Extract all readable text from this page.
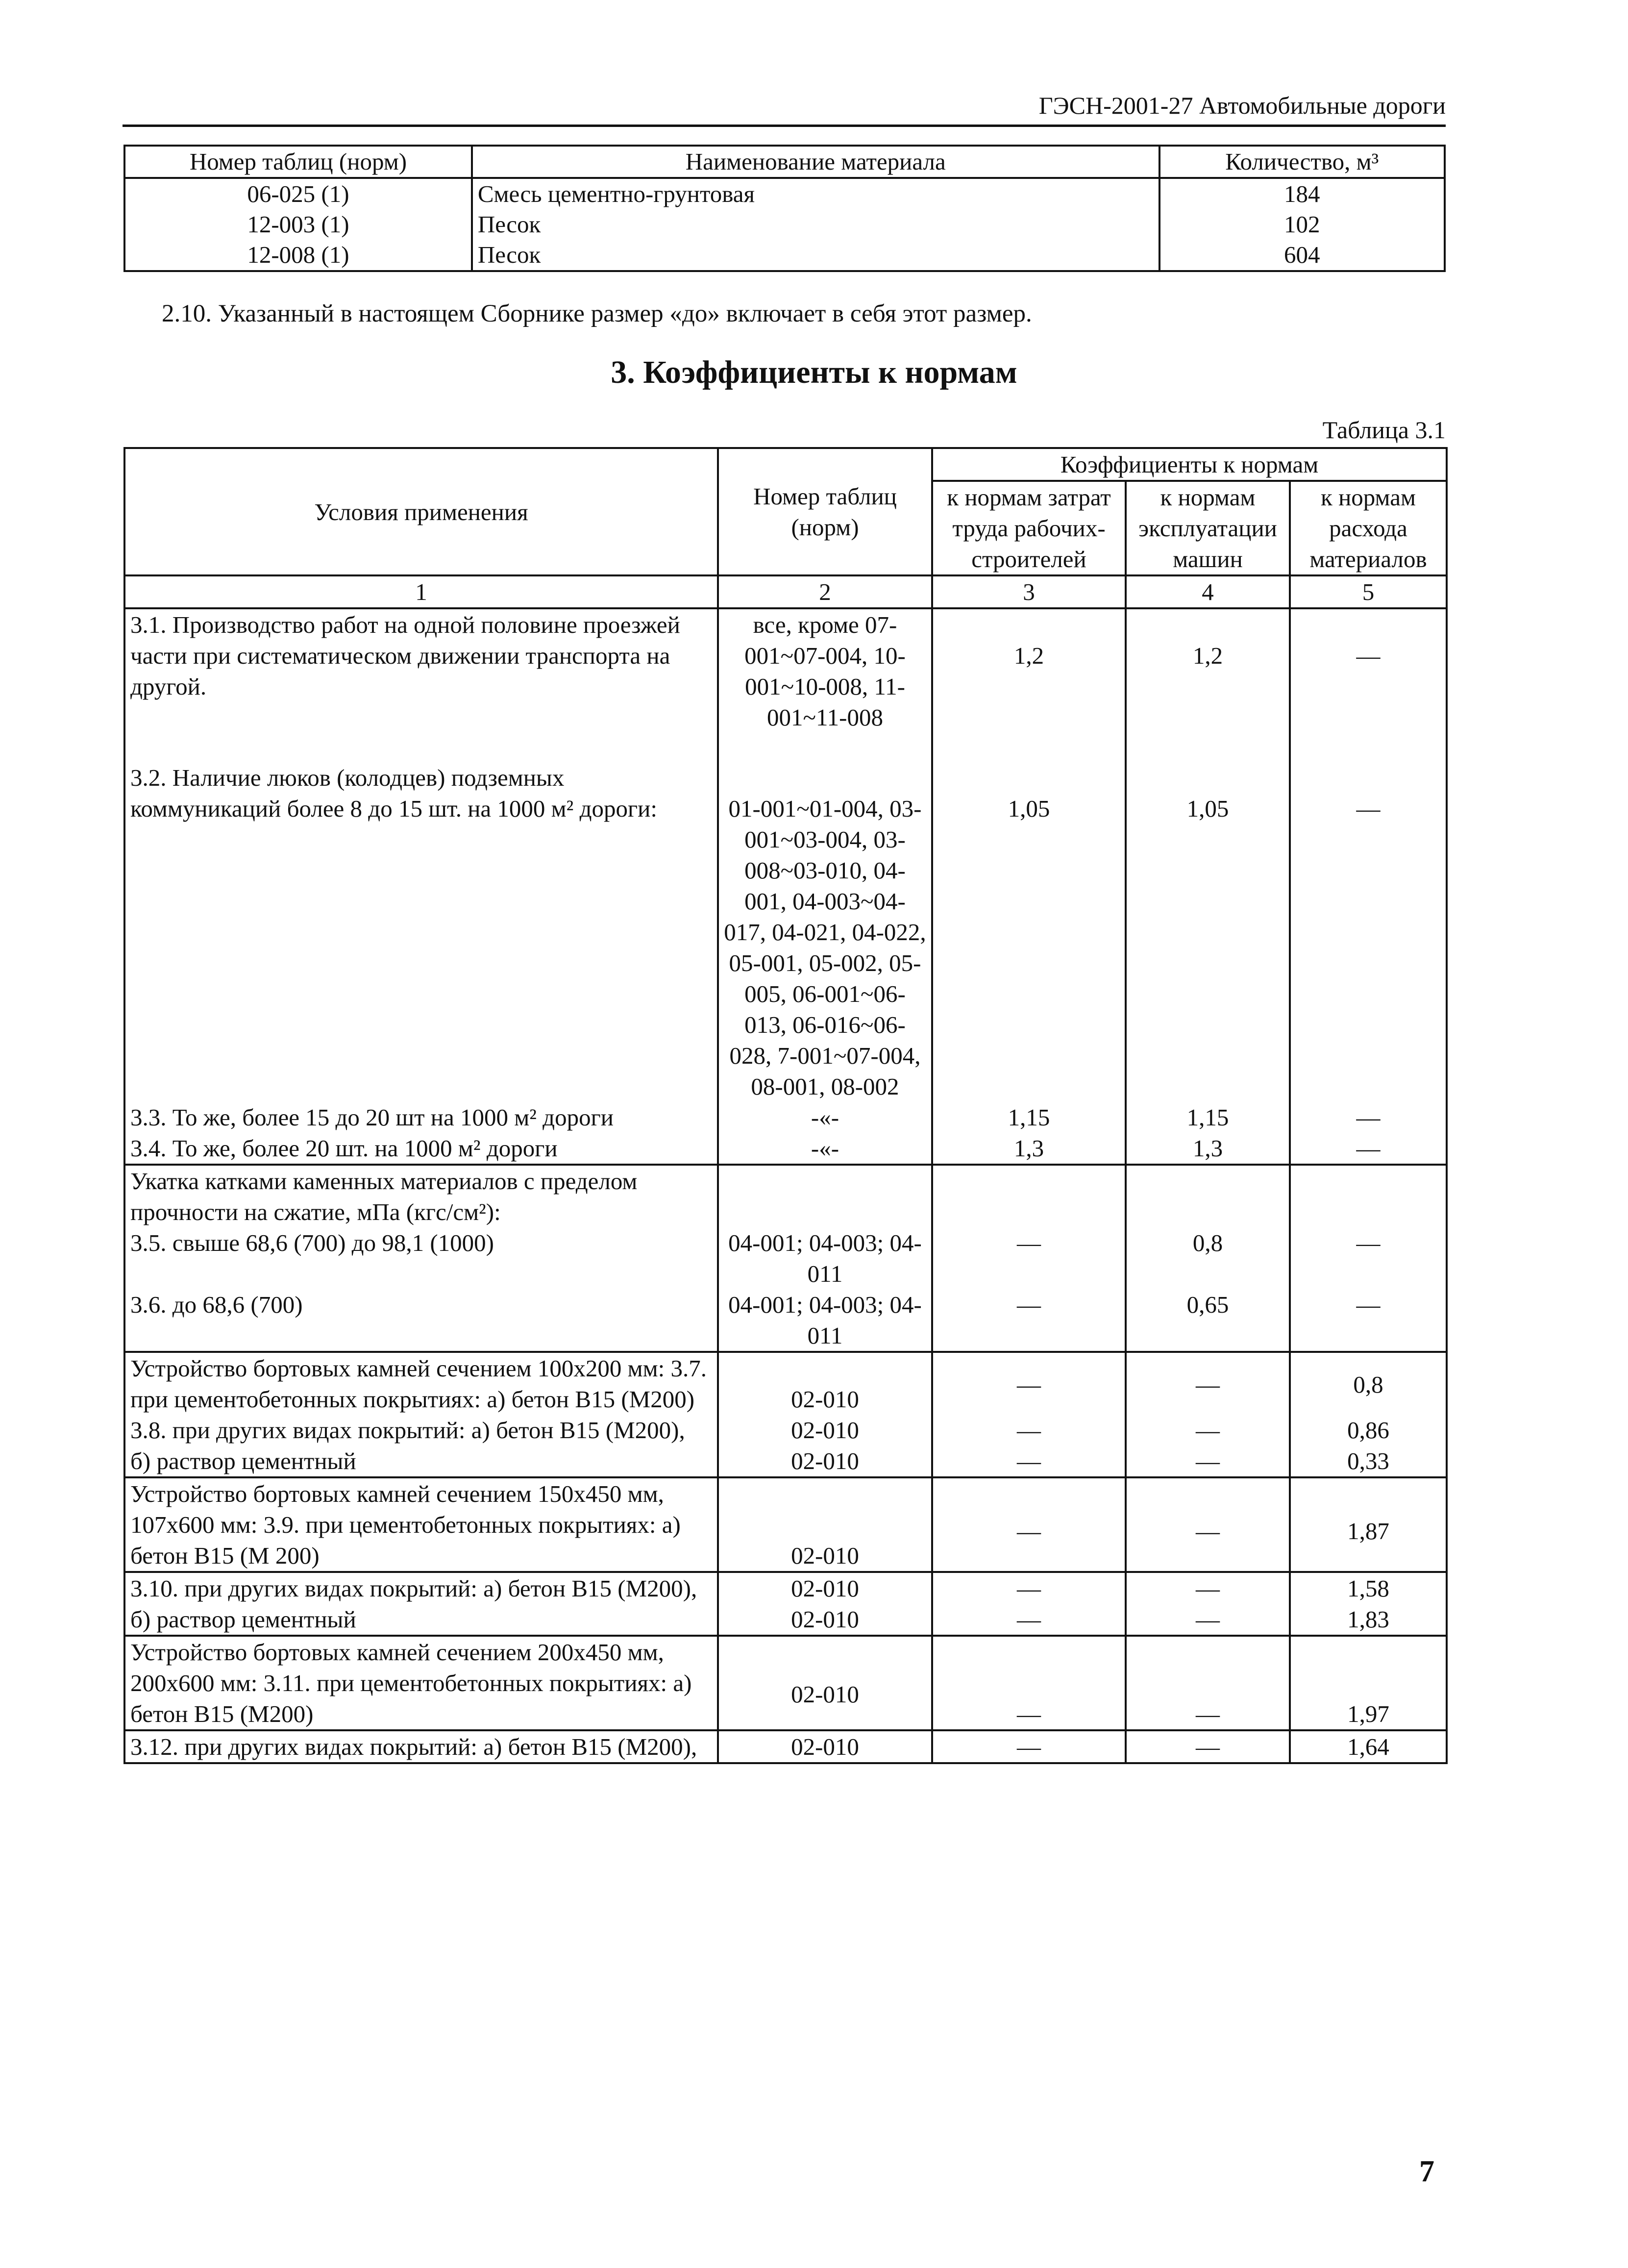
ГЭСН-2001-27 Автомобильные дороги
Номер таблиц (норм)	Наименование материала	Количество, м³
06-025 (1)	Смесь цементно-грунтовая	184
12-003 (1)	Песок	102
12-008 (1)	Песок	604
2.10. Указанный в настоящем Сборнике размер «до» включает в себя этот размер.
3. Коэффициенты к нормам
Таблица 3.1
Условия применения	Номер таблиц (норм)	Коэффициенты к нормам		
		к нормам затрат труда рабочих-строителей	к нормам эксплуатации машин	к нормам расхода материалов
1	2	3	4	5
3.1. Производство работ на одной половине проезжей части при систематическом движении транспорта на другой.	все, кроме 07-001~07-004, 10-001~10-008, 11-001~11-008	1,2	1,2	—
3.2. Наличие люков (колодцев) подземных коммуникаций более 8 до 15 шт. на 1000 м² дороги:	01-001~01-004, 03-001~03-004, 03-008~03-010, 04-001, 04-003~04-017, 04-021, 04-022, 05-001, 05-002, 05-005, 06-001~06-013, 06-016~06-028, 7-001~07-004, 08-001, 08-002	1,05	1,05	—
3.3. То же, более 15 до 20 шт на 1000 м² дороги	-«-	1,15	1,15	—
3.4. То же, более 20 шт. на 1000 м² дороги	-«-	1,3	1,3	—
Укатка катками каменных материалов с пределом прочности на сжатие, мПа (кгс/см²):				
3.5. свыше 68,6 (700) до 98,1 (1000)	04-001; 04-003; 04-011	—	0,8	—
3.6. до 68,6 (700)	04-001; 04-003; 04-011	—	0,65	—
Устройство бортовых камней сечением 100х200 мм: 3.7. при цементобетонных покрытиях: а) бетон В15 (М200)	02-010	—	—	0,8
3.8. при других видах покрытий: а) бетон В15 (М200),	02-010	—	—	0,86
б) раствор цементный	02-010	—	—	0,33
Устройство бортовых камней сечением 150х450 мм, 107х600 мм: 3.9. при цементобетонных покрытиях: а) бетон В15 (М 200)	02-010	—	—	1,87
3.10. при других видах покрытий: а) бетон В15 (М200),	02-010	—	—	1,58
б) раствор цементный	02-010	—	—	1,83
Устройство бортовых камней сечением 200х450 мм, 200х600 мм: 3.11. при цементобетонных покрытиях: а) бетон В15 (М200)	02-010	—	—	1,97
3.12. при других видах покрытий: а) бетон В15 (М200),	02-010	—	—	1,64
7
